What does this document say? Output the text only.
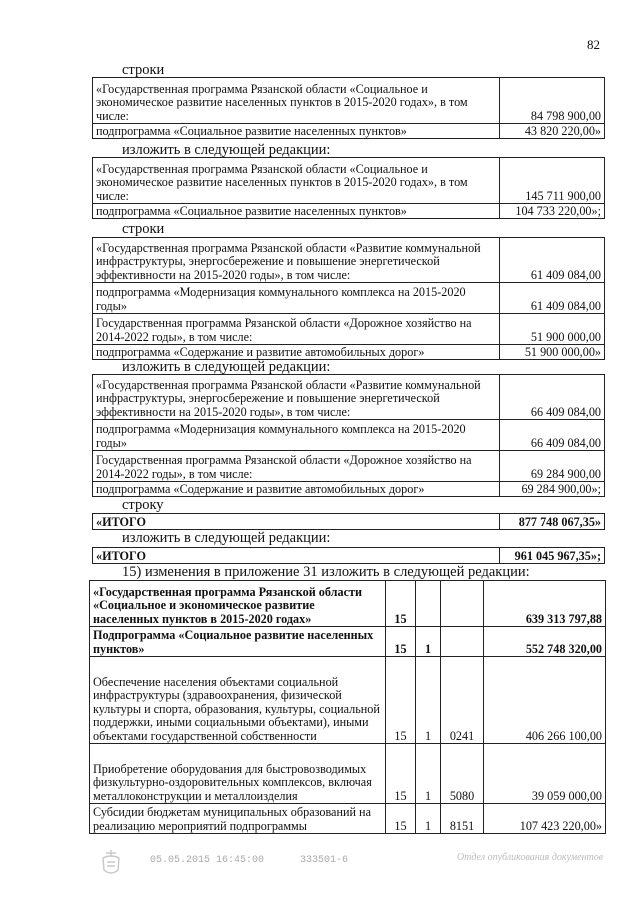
82
строки
«Государственная программа Рязанской области «Социальное и экономическое развитие населенных пунктов в 2015-2020 годах», в том числе:	84 798 900,00
подпрограмма «Социальное развитие населенных пунктов»	43 820 220,00»
изложить в следующей редакции:
«Государственная программа Рязанской области «Социальное и экономическое развитие населенных пунктов в 2015-2020 годах», в том числе:	145 711 900,00
подпрограмма «Социальное развитие населенных пунктов»	104 733 220,00»;
строки
«Государственная программа Рязанской области «Развитие коммунальной инфраструктуры, энергосбережение и повышение энергетической эффективности на 2015-2020 годы», в том числе:	61 409 084,00
подпрограмма «Модернизация коммунального комплекса на 2015-2020 годы»	61 409 084,00
Государственная программа Рязанской области «Дорожное хозяйство на 2014-2022 годы», в том числе:	51 900 000,00
подпрограмма «Содержание и развитие автомобильных дорог»	51 900 000,00»
изложить в следующей редакции:
«Государственная программа Рязанской области «Развитие коммунальной инфраструктуры, энергосбережение и повышение энергетической эффективности на 2015-2020 годы», в том числе:	66 409 084,00
подпрограмма «Модернизация коммунального комплекса на 2015-2020 годы»	66 409 084,00
Государственная программа Рязанской области «Дорожное хозяйство на 2014-2022 годы», в том числе:	69 284 900,00
подпрограмма «Содержание и развитие автомобильных дорог»	69 284 900,00»;
строку
«ИТОГО	877 748 067,35»
изложить в следующей редакции:
«ИТОГО	961 045 967,35»;
15) изменения в приложение 31 изложить в следующей редакции:
«Государственная программа Рязанской области «Социальное и экономическое развитие населенных пунктов в 2015-2020 годах»	15			639 313 797,88
Подпрограмма «Социальное развитие населенных пунктов»	15	1		552 748 320,00
Обеспечение населения объектами социальной инфраструктуры (здравоохранения, физической культуры и спорта, образования, культуры, социальной поддержки, иными социальными объектами), иными объектами государственной собственности	15	1	0241	406 266 100,00
Приобретение оборудования для быстровозводимых физкультурно-оздоровительных комплексов, включая металлоконструкции и металлоизделия	15	1	5080	39 059 000,00
Субсидии бюджетам муниципальных образований на реализацию мероприятий подпрограммы	15	1	8151	107 423 220,00»
05.05.2015 16:45:00	333501-6	Отдел опубликования документов
